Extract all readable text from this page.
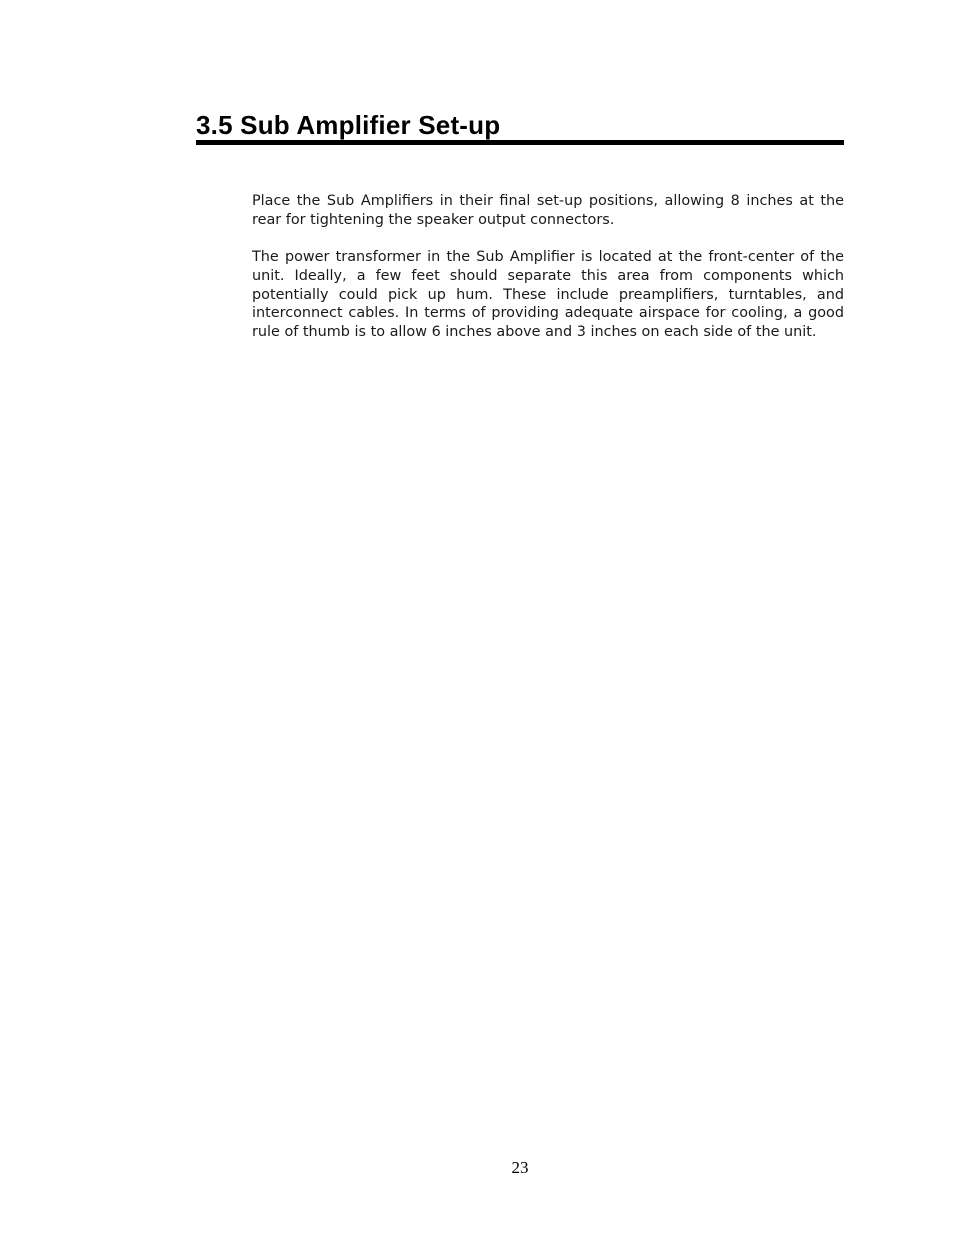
3.5 Sub Amplifier Set-up

Place the Sub Amplifiers in their final set-up positions, allowing 8 inches at the rear for tightening the speaker output connectors.

The power transformer in the Sub Amplifier is located at the front-center of the unit. Ideally, a few feet should separate this area from components which potentially could pick up hum. These include preamplifiers, turntables, and interconnect cables. In terms of providing adequate airspace for cooling, a good rule of thumb is to allow 6 inches above and 3 inches on each side of the unit.

23
